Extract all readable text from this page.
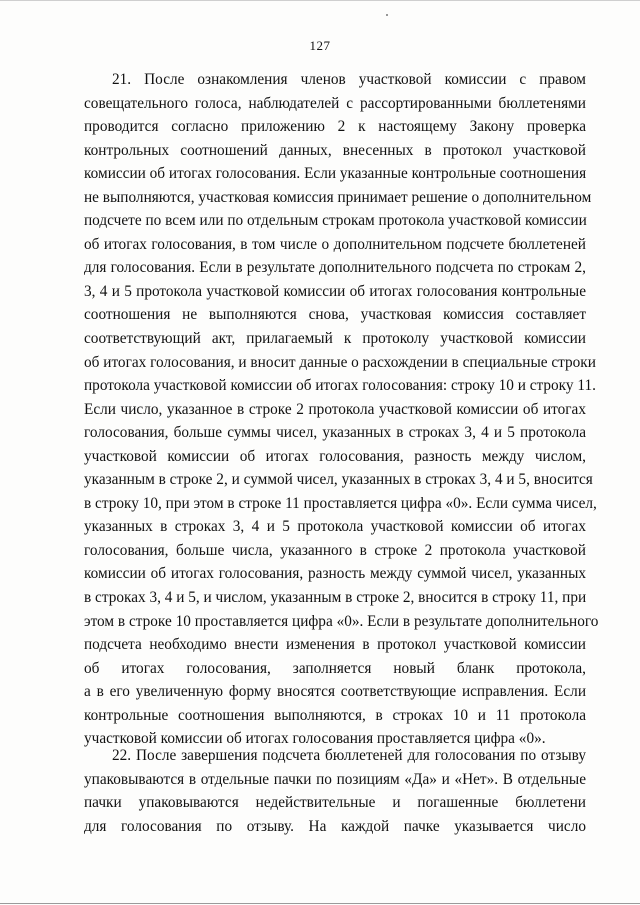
127
21. После ознакомления членов участковой комиссии с правом
совещательного голоса, наблюдателей с рассортированными бюллетенями
проводится согласно приложению 2 к настоящему Закону проверка
контрольных соотношений данных, внесенных в протокол участковой
комиссии об итогах голосования. Если указанные контрольные соотношения
не выполняются, участковая комиссия принимает решение о дополнительном
подсчете по всем или по отдельным строкам протокола участковой комиссии
об итогах голосования, в том числе о дополнительном подсчете бюллетеней
для голосования. Если в результате дополнительного подсчета по строкам 2,
3, 4 и 5 протокола участковой комиссии об итогах голосования контрольные
соотношения не выполняются снова, участковая комиссия составляет
соответствующий акт, прилагаемый к протоколу участковой комиссии
об итогах голосования, и вносит данные о расхождении в специальные строки
протокола участковой комиссии об итогах голосования: строку 10 и строку 11.
Если число, указанное в строке 2 протокола участковой комиссии об итогах
голосования, больше суммы чисел, указанных в строках 3, 4 и 5 протокола
участковой комиссии об итогах голосования, разность между числом,
указанным в строке 2, и суммой чисел, указанных в строках 3, 4 и 5, вносится
в строку 10, при этом в строке 11 проставляется цифра «0». Если сумма чисел,
указанных в строках 3, 4 и 5 протокола участковой комиссии об итогах
голосования, больше числа, указанного в строке 2 протокола участковой
комиссии об итогах голосования, разность между суммой чисел, указанных
в строках 3, 4 и 5, и числом, указанным в строке 2, вносится в строку 11, при
этом в строке 10 проставляется цифра «0». Если в результате дополнительного
подсчета необходимо внести изменения в протокол участковой комиссии
об итогах голосования, заполняется новый бланк протокола,
а в его увеличенную форму вносятся соответствующие исправления. Если
контрольные соотношения выполняются, в строках 10 и 11 протокола
участковой комиссии об итогах голосования проставляется цифра «0».
22. После завершения подсчета бюллетеней для голосования по отзыву
упаковываются в отдельные пачки по позициям «Да» и «Нет». В отдельные
пачки упаковываются недействительные и погашенные бюллетени
для голосования по отзыву. На каждой пачке указывается число
